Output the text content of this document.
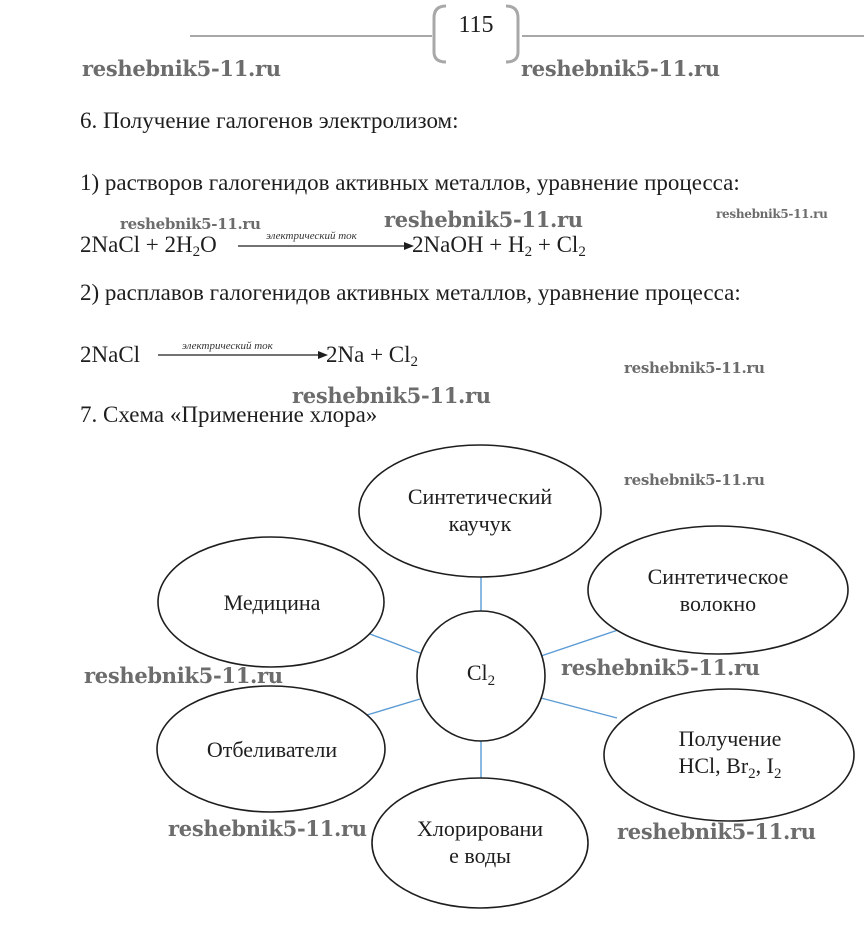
115
reshebnik5-11.ru	reshebnik5-11.ru
reshebnik5-11.ru	reshebnik5-11.ru	reshebnik5-11.ru
reshebnik5-11.ru
reshebnik5-11.ru
reshebnik5-11.ru
reshebnik5-11.ru
reshebnik5-11.ru
reshebnik5-11.ru	reshebnik5-11.ru
6. Получение галогенов электролизом:
1) растворов галогенидов активных металлов, уравнение процесса:
2NaCl + 2H2O	электрический ток 2NaOH + H2 + Cl2
2) расплавов галогенидов активных металлов, уравнение процесса:
2NaCl	электрический ток 2Na + Cl2
7. Схема «Применение хлора»
Синтетический
каучук
Синтетическое
волокно
Медицина
Отбеливатели	Получение
HCl, $Br_2$, $I_2$
Хлорировани
е воды
$Cl_2$
